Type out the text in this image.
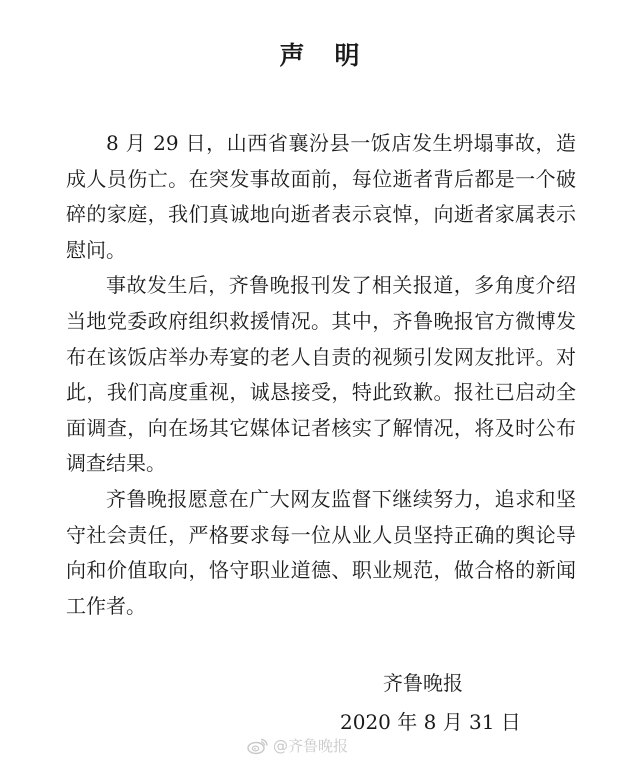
声明

8 月 29 日，山西省襄汾县一饭店发生坍塌事故，造成人员伤亡。在突发事故面前，每位逝者背后都是一个破碎的家庭，我们真诚地向逝者表示哀悼，向逝者家属表示慰问。

事故发生后，齐鲁晚报刊发了相关报道，多角度介绍当地党委政府组织救援情况。其中，齐鲁晚报官方微博发布在该饭店举办寿宴的老人自责的视频引发网友批评。对此，我们高度重视，诚恳接受，特此致歉。报社已启动全面调查，向在场其它媒体记者核实了解情况，将及时公布调查结果。

齐鲁晚报愿意在广大网友监督下继续努力，追求和坚守社会责任，严格要求每一位从业人员坚持正确的舆论导向和价值取向，恪守职业道德、职业规范，做合格的新闻工作者。

齐鲁晚报
2020 年 8 月 31 日
@齐鲁晚报
